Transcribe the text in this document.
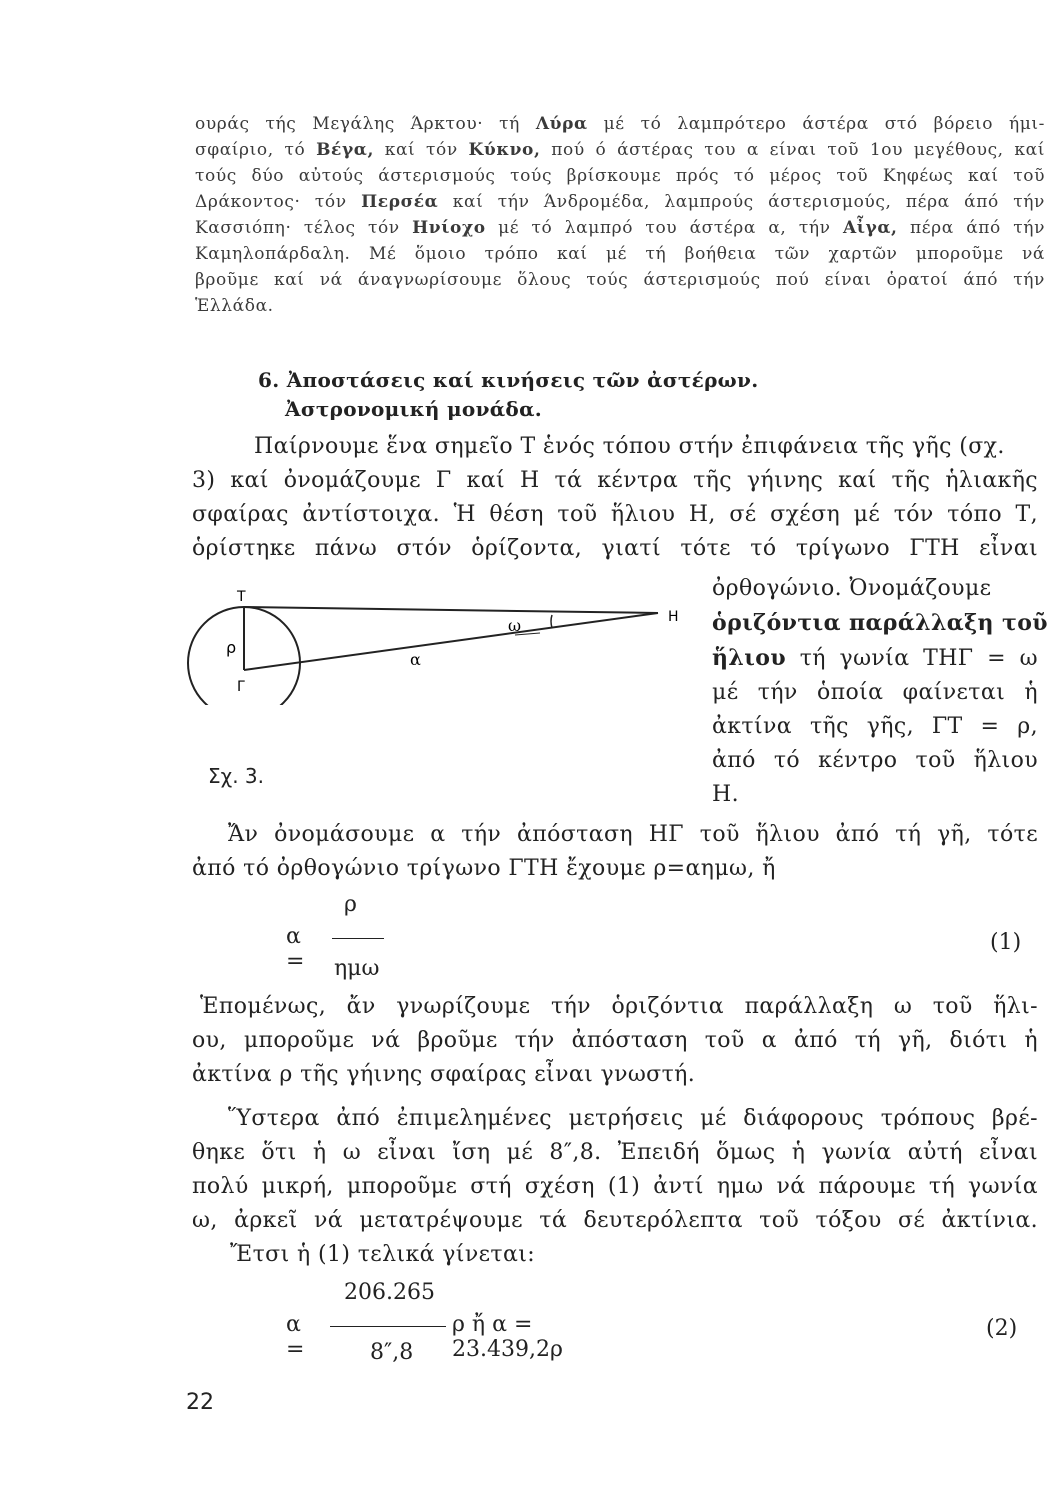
ουράς τής Μεγάλης Άρκτου· τή Λύρα μέ τό λαμπρότερο άστέρα στό βόρειο ήμι-
σφαίριο, τό Βέγα, καί τόν Κύκνο, πού ό άστέρας του α είναι τοῦ 1ου μεγέθους, καί
τούς δύο αὐτούς άστερισμούς τούς βρίσκουμε πρός τό μέρος τοῦ Κηφέως καί τοῦ
Δράκοντος· τόν Περσέα καί τήν Άνδρομέδα, λαμπρούς άστερισμούς, πέρα άπό τήν
Κασσιόπη· τέλος τόν Ηνίοχο μέ τό λαμπρό του άστέρα α, τήν Αἶγα, πέρα άπό τήν
Καμηλοπάρδαλη. Μέ ὅμοιο τρόπο καί μέ τή βοήθεια τῶν χαρτῶν μποροῦμε νά
βροῦμε καί νά άναγνωρίσουμε ὅλους τούς άστερισμούς πού είναι ὁρατοί άπό τήν
Ἑλλάδα.
6. Ἀποστάσεις καί κινήσεις τῶν ἀστέρων.
Ἀστρονομική μονάδα.
Παίρνουμε ἕνα σημεῖο Τ ἑνός τόπου στήν ἐπιφάνεια τῆς γῆς (σχ.
3) καί ὀνομάζουμε Γ καί Η τά κέντρα τῆς γήινης καί τῆς ἡλιακῆς
σφαίρας ἀντίστοιχα. Ἡ θέση τοῦ ἥλιου Η, σέ σχέση μέ τόν τόπο Τ,
ὁρίστηκε πάνω στόν ὁρίζοντα, γιατί τότε τό τρίγωνο ΓΤΗ εἶναι
ὀρθογώνιο. Ὀνομάζουμε
ὁριζόντια παράλλαξη τοῦ
ἥλιου τή γωνία ΤΗΓ = ω
μέ τήν ὁποία φαίνεται ἡ
ἀκτίνα τῆς γῆς, ΓΤ = ρ,
ἀπό τό κέντρο τοῦ ἥλιου
Η.
T
H
ρ
Γ
α
ω
Σχ. 3.
Ἄν ὀνομάσουμε α τήν ἀπόσταση ΗΓ τοῦ ἥλιου ἀπό τή γῆ, τότε
ἀπό τό ὀρθογώνιο τρίγωνο ΓΤΗ ἔχουμε ρ=αημω, ἤ
ρ
α = ημω
(1)
Ἑπομένως, ἄν γνωρίζουμε τήν ὁριζόντια παράλλαξη ω τοῦ ἥλι-
ου, μποροῦμε νά βροῦμε τήν ἀπόσταση τοῦ α ἀπό τή γῆ, διότι ἡ
ἀκτίνα ρ τῆς γήινης σφαίρας εἶναι γνωστή.
Ὕστερα ἀπό ἐπιμελημένες μετρήσεις μέ διάφορους τρόπους βρέ-
θηκε ὅτι ἡ ω εἶναι ἴση μέ 8″,8. Ἐπειδή ὅμως ἡ γωνία αὐτή εἶναι
πολύ μικρή, μποροῦμε στή σχέση (1) ἀντί ημω νά πάρουμε τή γωνία
ω, ἀρκεῖ νά μετατρέψουμε τά δευτερόλεπτα τοῦ τόξου σέ ἀκτίνια.
Ἔτσι ἡ (1) τελικά γίνεται:
206.265
α =
ρ ἤ α = 23.439,2ρ
8″,8
(2)
22
